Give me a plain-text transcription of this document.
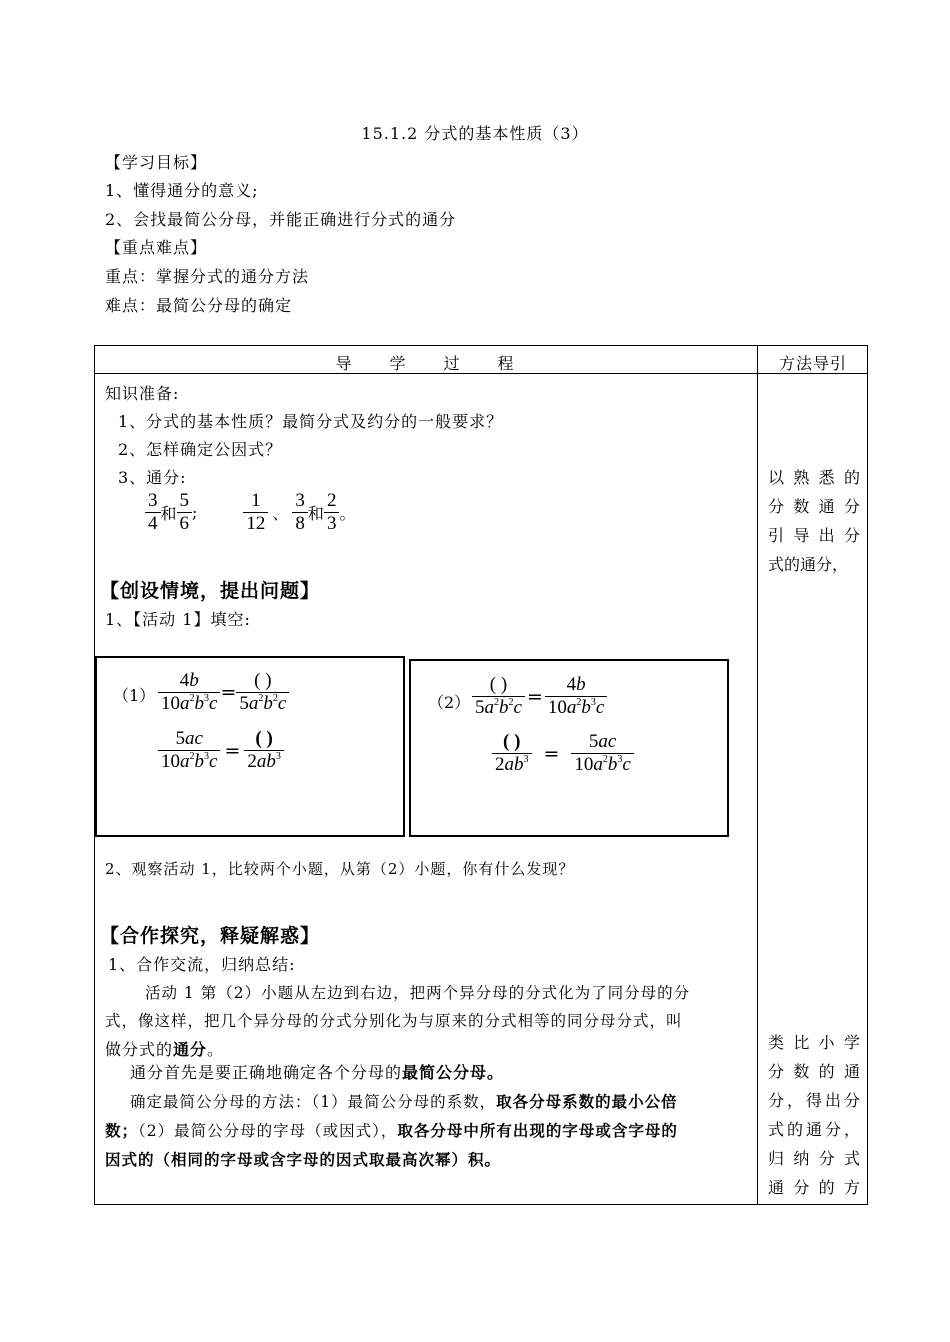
15.1.2 分式的基本性质（3）
【学习目标】
1、懂得通分的意义;
2、会找最简公分母，并能正确进行分式的通分
【重点难点】
重点：掌握分式的通分方法
难点：最简公分母的确定
导　　学　　过　　程	方法导引
知识准备:
1、分式的基本性质？最简分式及约分的一般要求？
2、怎样确定公因式？
3、通分:
$\frac{3}{4}$ 和 $\frac{5}{6}$ ; $\frac{1}{12}$ 、 $\frac{3}{8}$ 和 $\frac{2}{3}$ 。
【创设情境，提出问题】
1、【活动 1】填空:
$(1) \frac{4b}{10a^2b^3c} = \frac{( )}{5a^2b^2c}$
$\frac{5ac}{10a^2b^3c} = \frac{( )}{2ab^3}$
$(2) \frac{( )}{5a^2b^2c} = \frac{4b}{10a^2b^3c}$
$\frac{( )}{2ab^3} = \frac{5ac}{10a^2b^3c}$
2、观察活动 1，比较两个小题，从第（2）小题，你有什么发现？
【合作探究，释疑解惑】
1、合作交流，归纳总结:
活动 1 第（2）小题从左边到右边，把两个异分母的分式化为了同分母的分
式，像这样，把几个异分母的分式分别化为与原来的分式相等的同分母分式，叫
做分式的通分。
通分首先是要正确地确定各个分母的最简公分母。
确定最简公分母的方法：（1）最简公分母的系数，取各分母系数的最小公倍
数；（2）最简公分母的字母（或因式），取各分母中所有出现的字母或含字母的
因式的（相同的字母或含字母的因式取最高次幂）积。
以熟悉的
分数通分
引导出分
式的通分，
类比小学
分数的通
分，得出分
式的通分，
归纳分式
通分的方
